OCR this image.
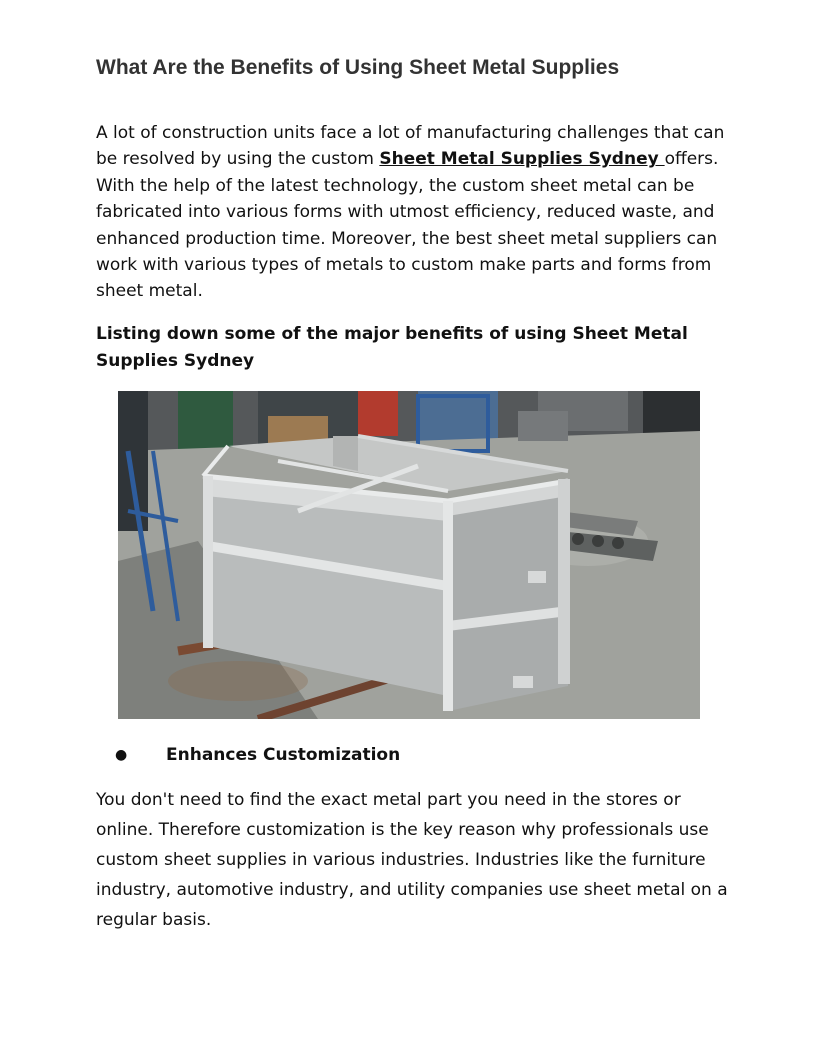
What Are the Benefits of Using Sheet Metal Supplies

A lot of construction units face a lot of manufacturing challenges that can be resolved by using the custom Sheet Metal Supplies Sydney offers. With the help of the latest technology, the custom sheet metal can be fabricated into various forms with utmost efficiency, reduced waste, and enhanced production time. Moreover, the best sheet metal suppliers can work with various types of metals to custom make parts and forms from sheet metal.

Listing down some of the major benefits of using Sheet Metal Supplies Sydney
● Enhances Customization

You don't need to find the exact metal part you need in the stores or online. Therefore customization is the key reason why professionals use custom sheet supplies in various industries. Industries like the furniture industry, automotive industry, and utility companies use sheet metal on a regular basis.
